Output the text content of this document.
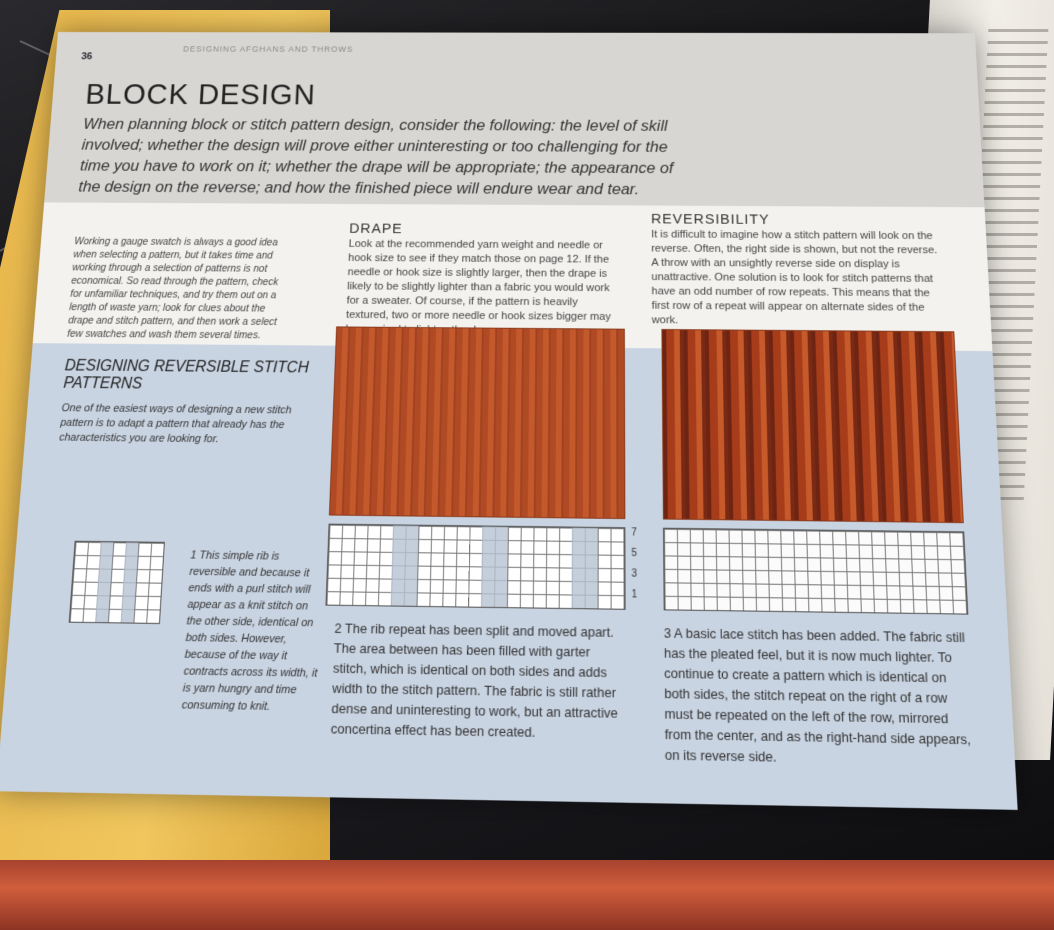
36
DESIGNING AFGHANS AND THROWS
BLOCK DESIGN
When planning block or stitch pattern design, consider the following: the level of skill involved; whether the design will prove either uninteresting or too challenging for the time you have to work on it; whether the drape will be appropriate; the appearance of the design on the reverse; and how the finished piece will endure wear and tear.
Working a gauge swatch is always a good idea when selecting a pattern, but it takes time and working through a selection of patterns is not economical. So read through the pattern, check for unfamiliar techniques, and try them out on a length of waste yarn; look for clues about the drape and stitch pattern, and then work a select few swatches and wash them several times.
DRAPE
Look at the recommended yarn weight and needle or hook size to see if they match those on page 12. If the needle or hook size is slightly larger, then the drape is likely to be slightly lighter than a fabric you would work for a sweater. Of course, if the pattern is heavily textured, two or more needle or hook sizes bigger may
REVERSIBILITY
It is difficult to imagine how a stitch pattern will look on the reverse. Often, the right side is shown, but not the reverse. A throw with an unsightly reverse side on display is unattractive. One solution is to look for stitch patterns that have an odd number of row repeats. This means that the first row of a repeat will appear on alternate sides of the work.
DESIGNING REVERSIBLE STITCH PATTERNS
One of the easiest ways of designing a new stitch pattern is to adapt a pattern that already has the characteristics you are looking for.
7
5
3
1
1 This simple rib is reversible and because it ends with a purl stitch will appear as a knit stitch on the other side, identical on both sides. However, because of the way it contracts across its width, it is yarn hungry and time consuming to knit.
2 The rib repeat has been split and moved apart. The area between has been filled with garter stitch, which is identical on both sides and adds width to the stitch pattern. The fabric is still rather dense and uninteresting to work, but an attractive concertina effect has been created.
3 A basic lace stitch has been added. The fabric still has the pleated feel, but it is now much lighter. To continue to create a pattern which is identical on both sides, the stitch repeat on the right of a row must be repeated on the left of the row, mirrored from the center, and as the right-hand side appears, on its reverse side.
